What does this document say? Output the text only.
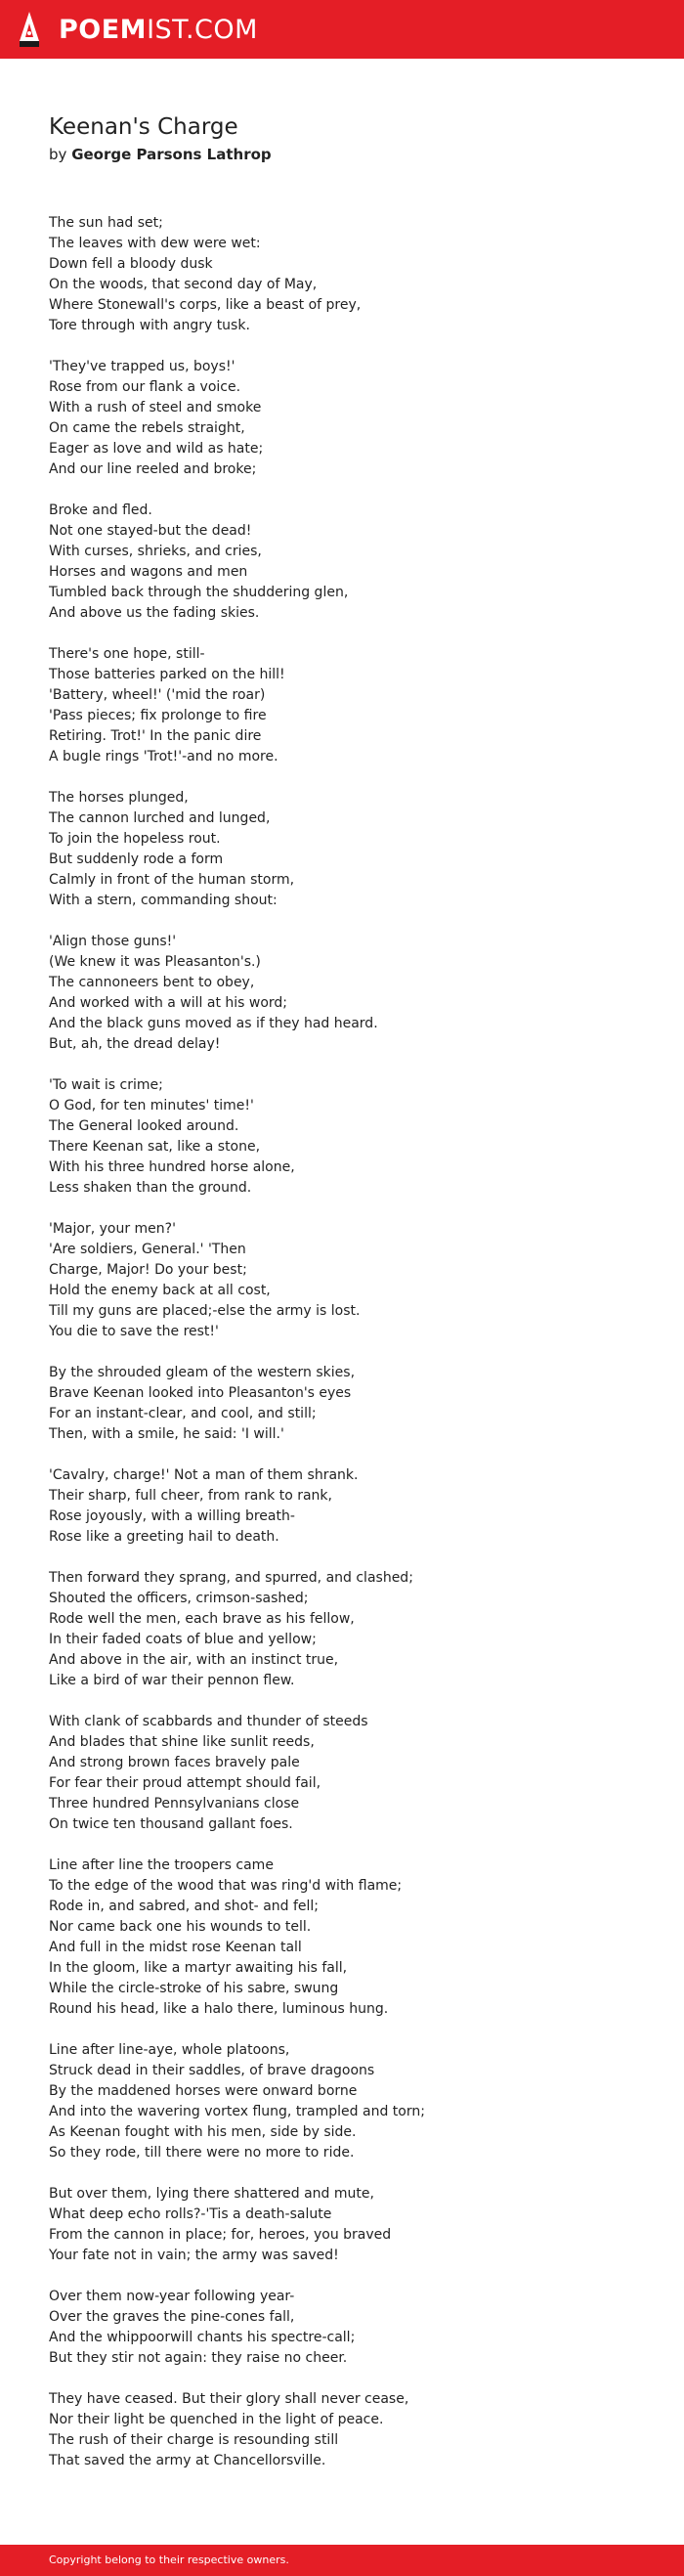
POEMIST.COM
Keenan's Charge
by George Parsons Lathrop
The sun had set;
The leaves with dew were wet:
Down fell a bloody dusk
On the woods, that second day of May,
Where Stonewall's corps, like a beast of prey,
Tore through with angry tusk.
'They've trapped us, boys!'
Rose from our flank a voice.
With a rush of steel and smoke
On came the rebels straight,
Eager as love and wild as hate;
And our line reeled and broke;
Broke and fled.
Not one stayed-but the dead!
With curses, shrieks, and cries,
Horses and wagons and men
Tumbled back through the shuddering glen,
And above us the fading skies.
There's one hope, still-
Those batteries parked on the hill!
'Battery, wheel!' ('mid the roar)
'Pass pieces; fix prolonge to fire
Retiring. Trot!' In the panic dire
A bugle rings 'Trot!'-and no more.
The horses plunged,
The cannon lurched and lunged,
To join the hopeless rout.
But suddenly rode a form
Calmly in front of the human storm,
With a stern, commanding shout:
'Align those guns!'
(We knew it was Pleasanton's.)
The cannoneers bent to obey,
And worked with a will at his word;
And the black guns moved as if they had heard.
But, ah, the dread delay!
'To wait is crime;
O God, for ten minutes' time!'
The General looked around.
There Keenan sat, like a stone,
With his three hundred horse alone,
Less shaken than the ground.
'Major, your men?'
'Are soldiers, General.' 'Then
Charge, Major! Do your best;
Hold the enemy back at all cost,
Till my guns are placed;-else the army is lost.
You die to save the rest!'
By the shrouded gleam of the western skies,
Brave Keenan looked into Pleasanton's eyes
For an instant-clear, and cool, and still;
Then, with a smile, he said: 'I will.'
'Cavalry, charge!' Not a man of them shrank.
Their sharp, full cheer, from rank to rank,
Rose joyously, with a willing breath-
Rose like a greeting hail to death.
Then forward they sprang, and spurred, and clashed;
Shouted the officers, crimson-sashed;
Rode well the men, each brave as his fellow,
In their faded coats of blue and yellow;
And above in the air, with an instinct true,
Like a bird of war their pennon flew.
With clank of scabbards and thunder of steeds
And blades that shine like sunlit reeds,
And strong brown faces bravely pale
For fear their proud attempt should fail,
Three hundred Pennsylvanians close
On twice ten thousand gallant foes.
Line after line the troopers came
To the edge of the wood that was ring'd with flame;
Rode in, and sabred, and shot- and fell;
Nor came back one his wounds to tell.
And full in the midst rose Keenan tall
In the gloom, like a martyr awaiting his fall,
While the circle-stroke of his sabre, swung
Round his head, like a halo there, luminous hung.
Line after line-aye, whole platoons,
Struck dead in their saddles, of brave dragoons
By the maddened horses were onward borne
And into the wavering vortex flung, trampled and torn;
As Keenan fought with his men, side by side.
So they rode, till there were no more to ride.
But over them, lying there shattered and mute,
What deep echo rolls?-'Tis a death-salute
From the cannon in place; for, heroes, you braved
Your fate not in vain; the army was saved!
Over them now-year following year-
Over the graves the pine-cones fall,
And the whippoorwill chants his spectre-call;
But they stir not again: they raise no cheer.
They have ceased. But their glory shall never cease,
Nor their light be quenched in the light of peace.
The rush of their charge is resounding still
That saved the army at Chancellorsville.
Copyright belong to their respective owners.
